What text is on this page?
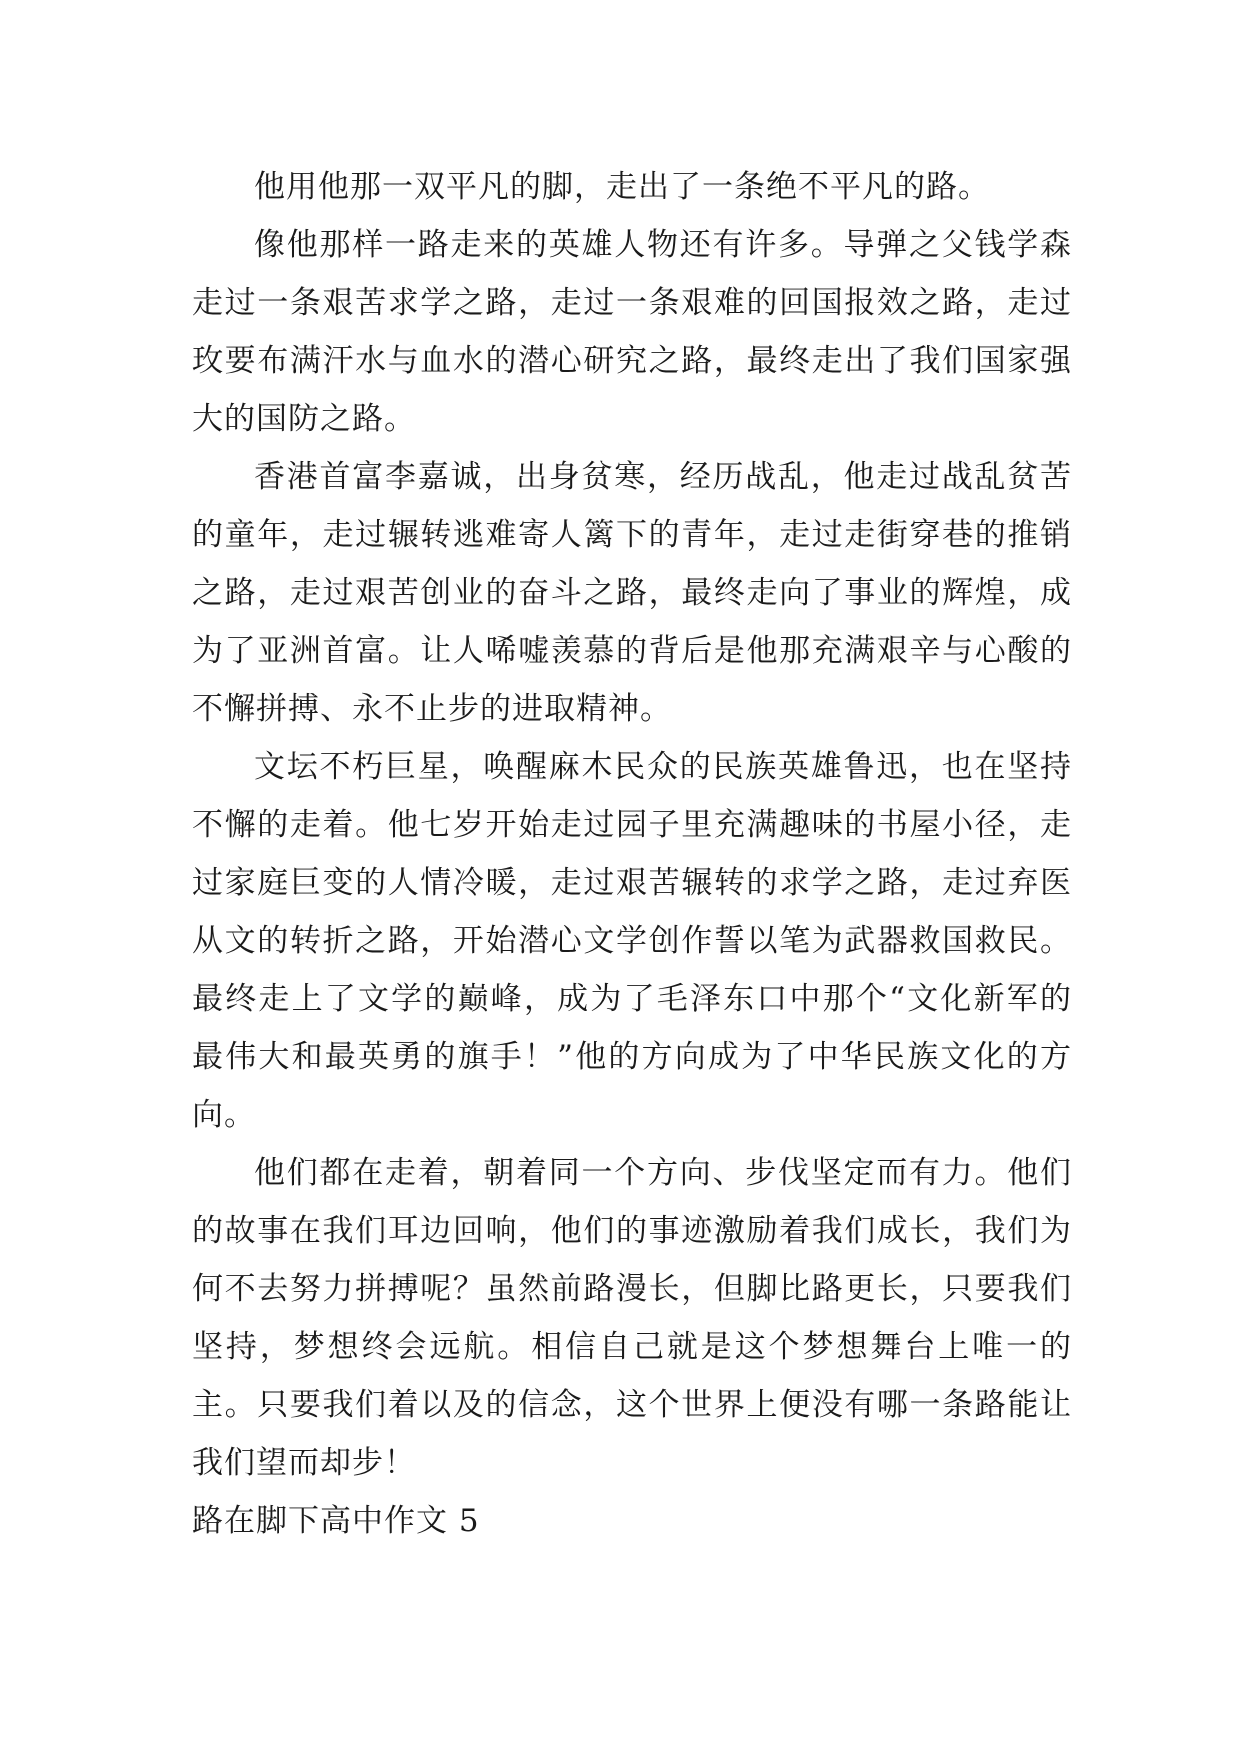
他用他那一双平凡的脚，走出了一条绝不平凡的路。

像他那样一路走来的英雄人物还有许多。导弹之父钱学森走过一条艰苦求学之路，走过一条艰难的回国报效之路，走过玫要布满汗水与血水的潜心研究之路，最终走出了我们国家强大的国防之路。

香港首富李嘉诚，出身贫寒，经历战乱，他走过战乱贫苦的童年，走过辗转逃难寄人篱下的青年，走过走街穿巷的推销之路，走过艰苦创业的奋斗之路，最终走向了事业的辉煌，成为了亚洲首富。让人唏嘘羡慕的背后是他那充满艰辛与心酸的不懈拼搏、永不止步的进取精神。

文坛不朽巨星，唤醒麻木民众的民族英雄鲁迅，也在坚持不懈的走着。他七岁开始走过园子里充满趣味的书屋小径，走过家庭巨变的人情冷暖，走过艰苦辗转的求学之路，走过弃医从文的转折之路，开始潜心文学创作誓以笔为武器救国救民。最终走上了文学的巅峰，成为了毛泽东口中那个“文化新军的最伟大和最英勇的旗手！”他的方向成为了中华民族文化的方向。

他们都在走着，朝着同一个方向、步伐坚定而有力。他们的故事在我们耳边回响，他们的事迹激励着我们成长，我们为何不去努力拼搏呢？虽然前路漫长，但脚比路更长，只要我们坚持，梦想终会远航。相信自己就是这个梦想舞台上唯一的主。只要我们着以及的信念，这个世界上便没有哪一条路能让我们望而却步！

路在脚下高中作文 5
